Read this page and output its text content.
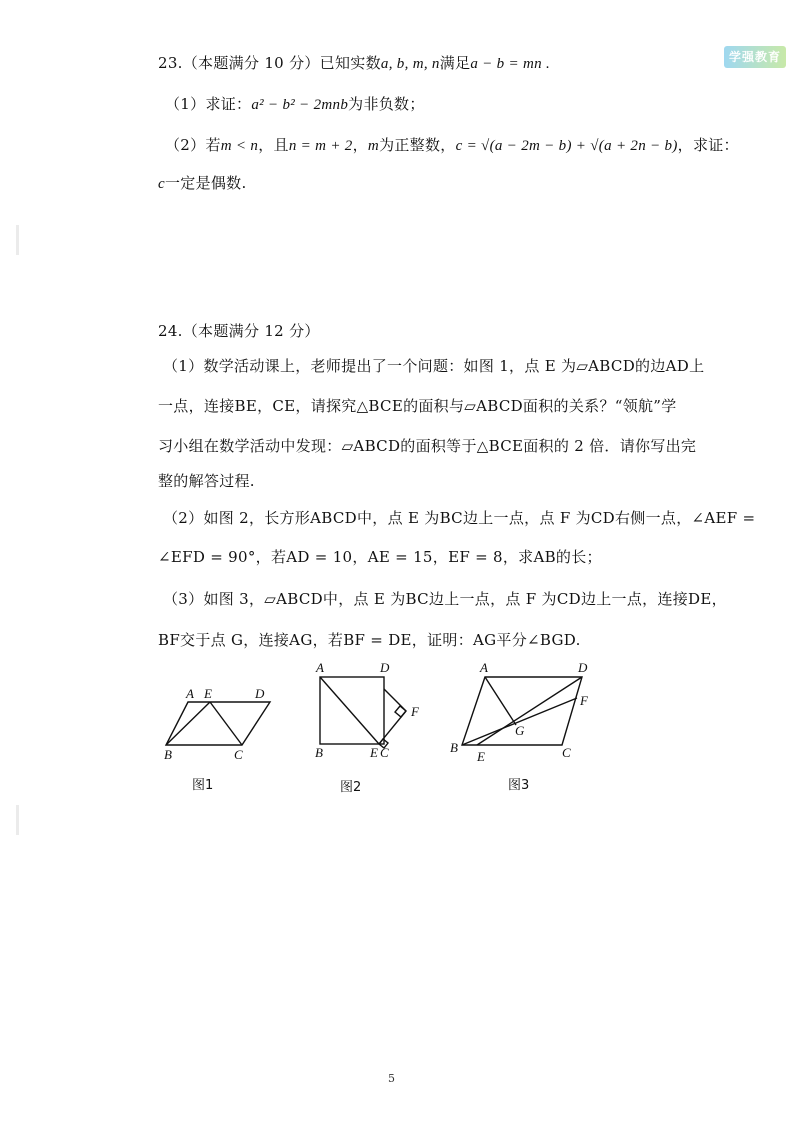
学强教育
23.（本题满分 10 分）已知实数a, b, m, n满足a − b = mn .
（1）求证：a² − b² − 2mnb为非负数；
（2）若m < n，且n = m + 2，m为正整数，c = √(a − 2m − b) + √(a + 2n − b)，求证：
c一定是偶数.
24.（本题满分 12 分）
（1）数学活动课上，老师提出了一个问题：如图 1，点 E 为▱ABCD的边AD上
一点，连接BE，CE，请探究△BCE的面积与▱ABCD面积的关系？“领航”学
习小组在数学活动中发现：▱ABCD的面积等于△BCE面积的 2 倍．请你写出完
整的解答过程.
（2）如图 2，长方形ABCD中，点 E 为BC边上一点，点 F 为CD右侧一点，∠AEF =
∠EFD = 90°，若AD = 10，AE = 15，EF = 8，求AB的长；
（3）如图 3，▱ABCD中，点 E 为BC边上一点，点 F 为CD边上一点，连接DE，
BF交于点 G，连接AG，若BF = DE，证明：AG平分∠BGD.
A E	D
B	C
A	D
F
B	E C
A	D
F
G
B
E	C
图1	图2	图3
5
